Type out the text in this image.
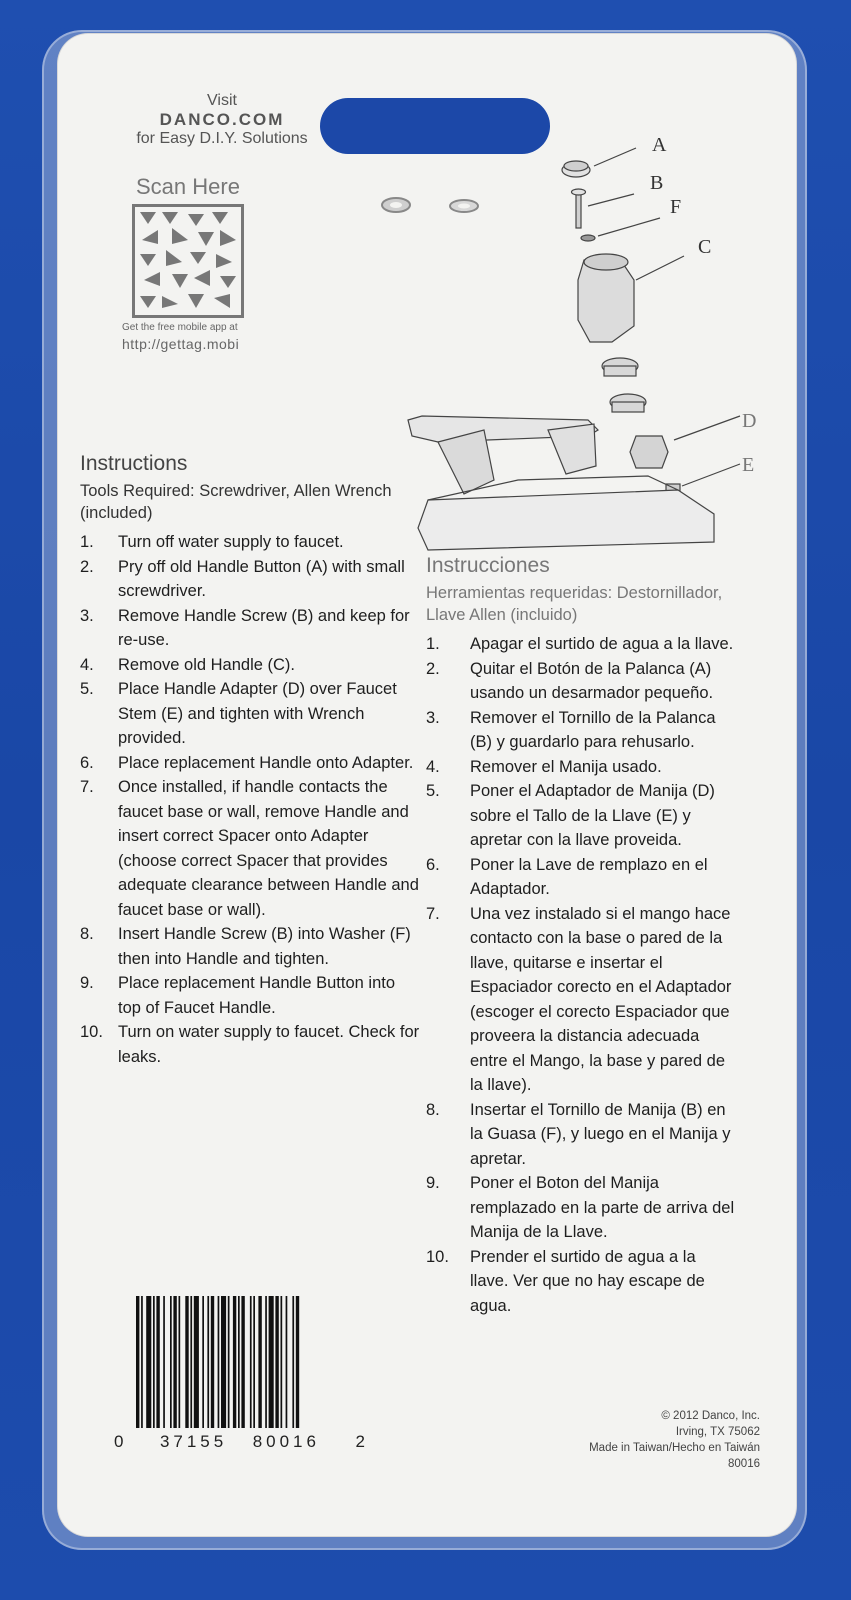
Visit
DANCO.COM
for Easy D.I.Y. Solutions
Scan Here
Get the free mobile app at
http://gettag.mobi
A
B
F
C
D
E
Instructions
Tools Required: Screwdriver, Allen Wrench (included)
1.	Turn off water supply to faucet.
2.	Pry off old Handle Button (A) with small screwdriver.
3.	Remove Handle Screw (B) and keep for re-use.
4.	Remove old Handle (C).
5.	Place Handle Adapter (D) over Faucet Stem (E) and tighten with Wrench provided.
6.	Place replacement Handle onto Adapter.
7.	Once installed, if handle contacts the faucet base or wall, remove Handle and insert correct Spacer onto Adapter (choose correct Spacer that provides adequate clearance between Handle and faucet base or wall).
8.	Insert Handle Screw (B) into Washer (F) then into Handle and tighten.
9.	Place replacement Handle Button into top of Faucet Handle.
10. Turn on water supply to faucet. Check for leaks.
Instrucciones
Herramientas requeridas: Destornillador, Llave Allen (incluido)
1.	Apagar el surtido de agua a la llave.
2.	Quitar el Botón de la Palanca (A) usando un desarmador pequeño.
3.	Remover el Tornillo de la Palanca (B) y guardarlo para rehusarlo.
4.	Remover el Manija usado.
5.	Poner el Adaptador de Manija (D) sobre el Tallo de la Llave (E) y apretar con la llave proveida.
6.	Poner la Lave de remplazo en el Adaptador.
7.	Una vez instalado si el mango hace contacto con la base o pared de la llave, quitarse e insertar el Espaciador corecto en el Adaptador (escoger el corecto Espaciador que proveera la distancia adecuada entre el Mango, la base y pared de la llave).
8.	Insertar el Tornillo de Manija (B) en la Guasa (F), y luego en el Manija y apretar.
9.	Poner el Boton del Manija remplazado en la parte de arriva del Manija de la Llave.
10.	Prender el surtido de agua a la llave. Ver que no hay escape de agua.
0 37155 80016 2
© 2012 Danco, Inc.
Irving, TX 75062
Made in Taiwan/Hecho en Taiwán
80016
